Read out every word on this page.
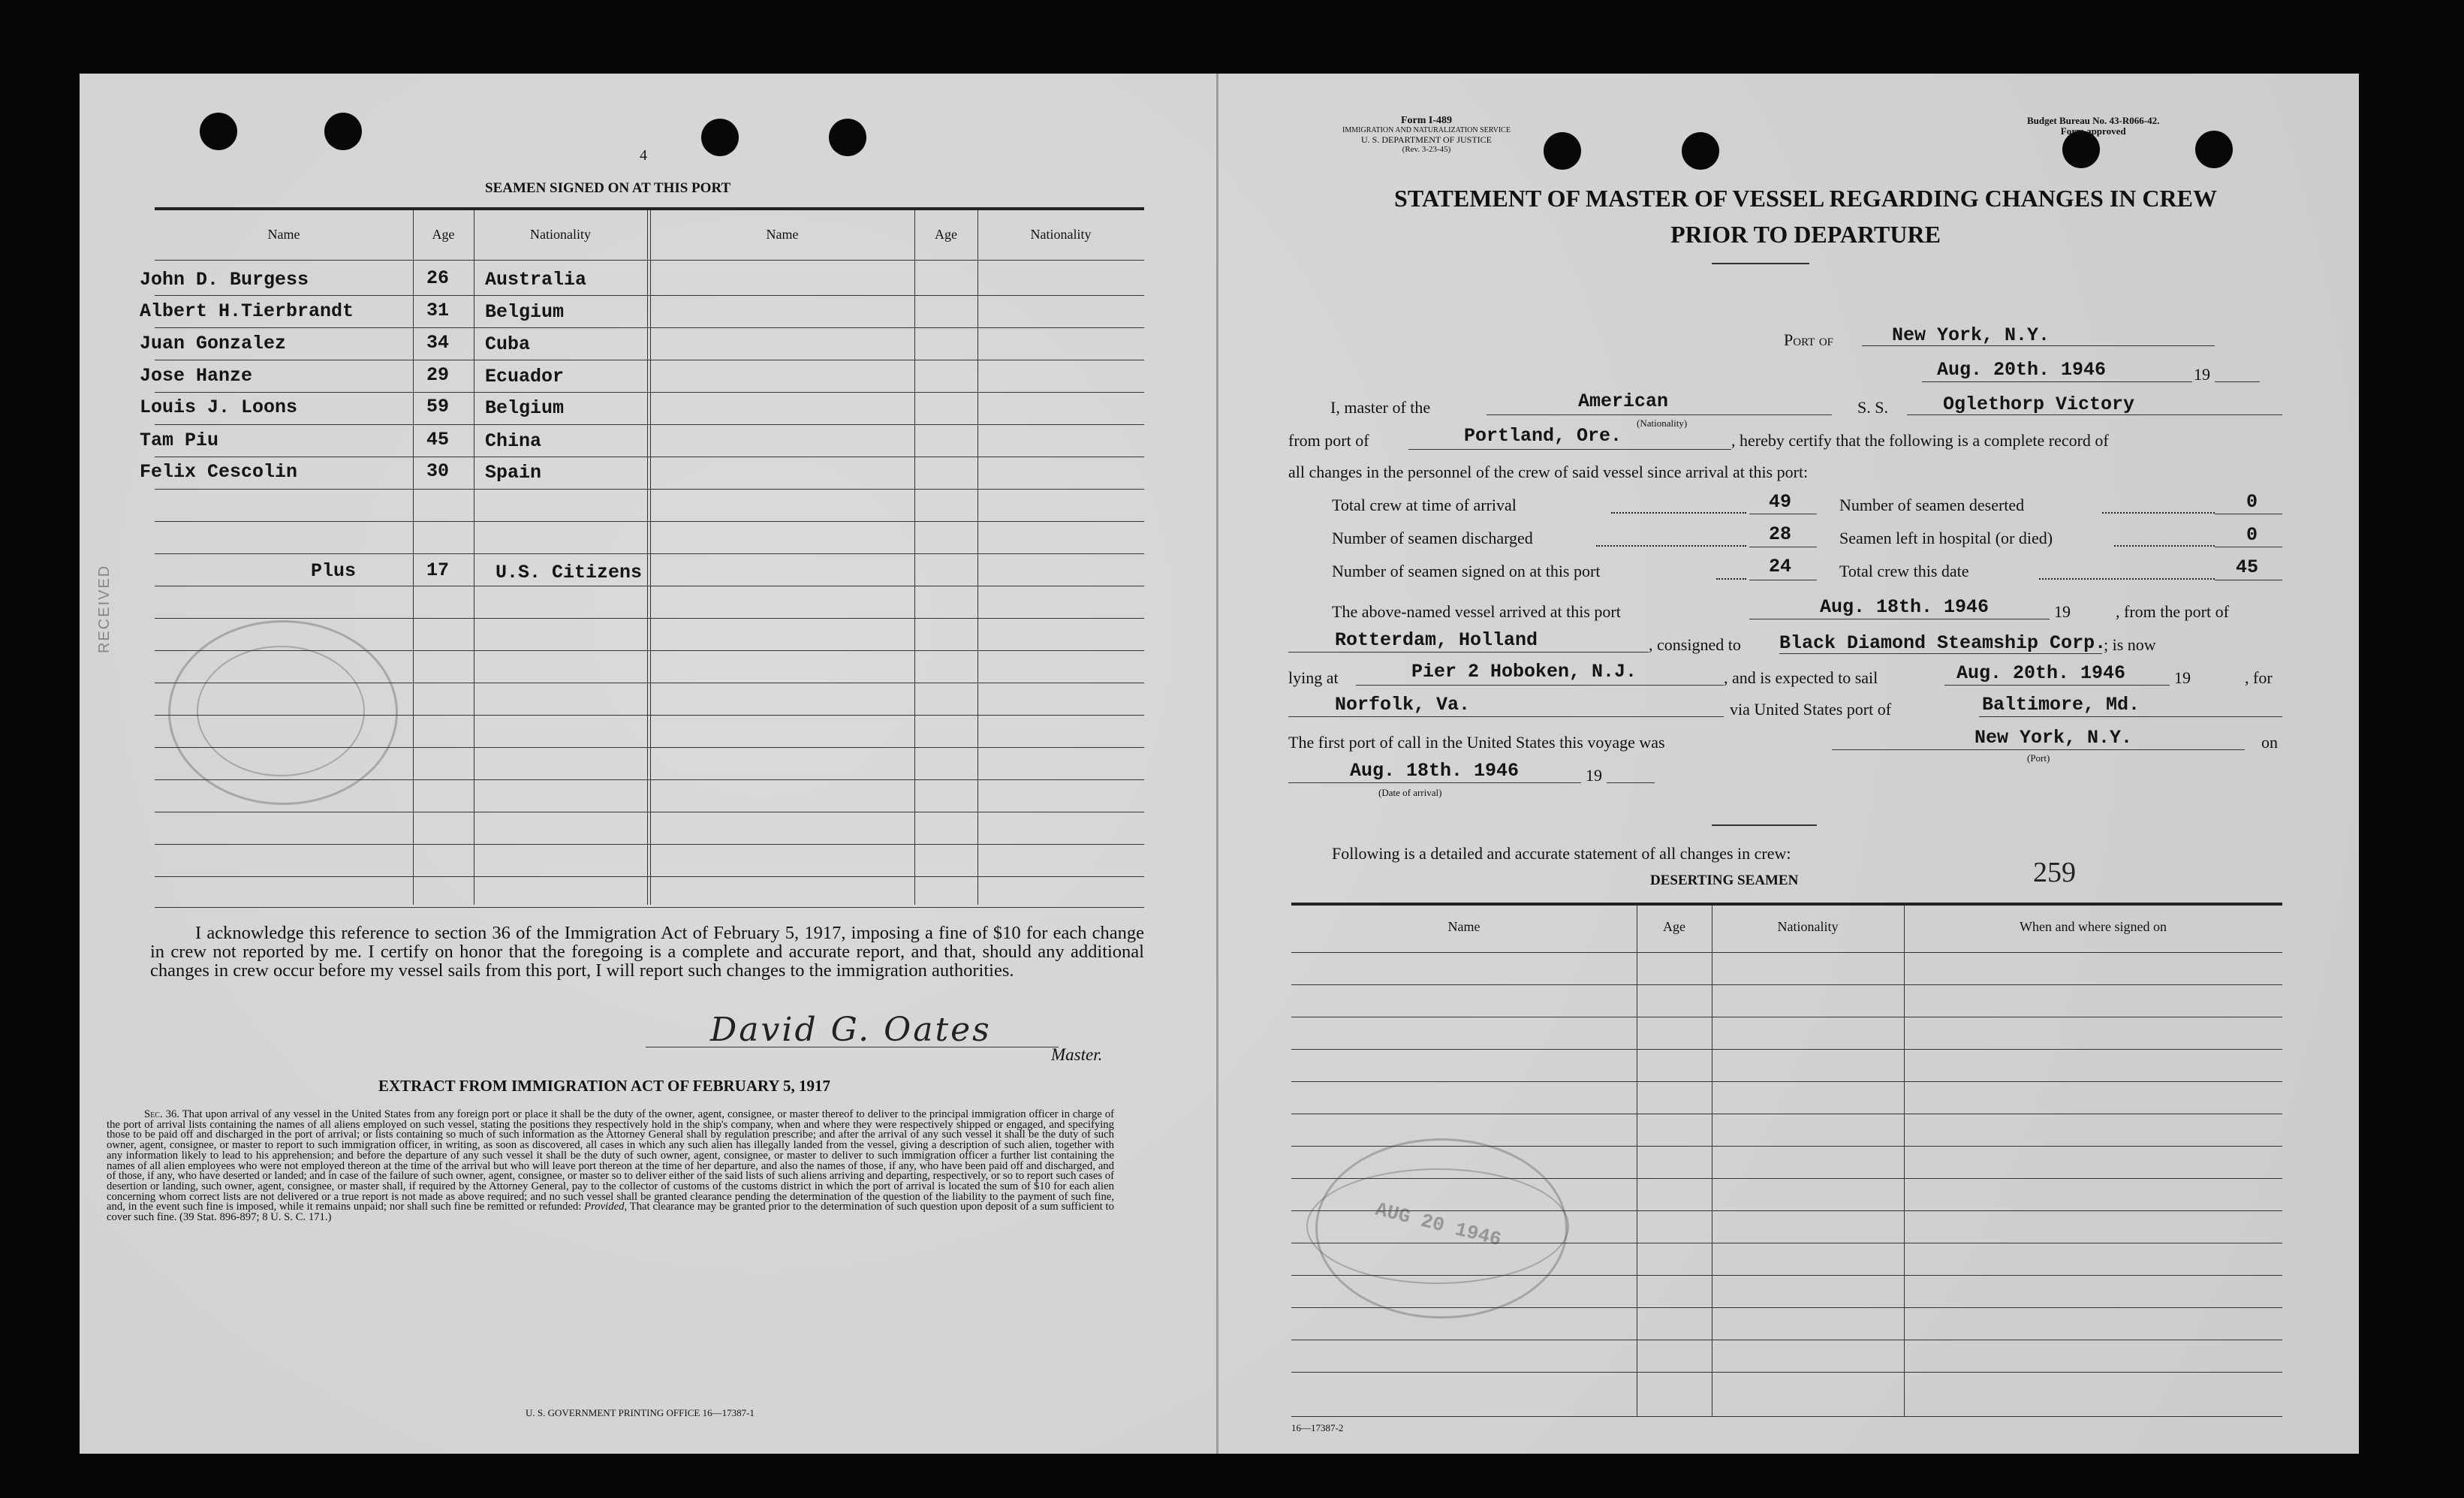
4
SEAMEN SIGNED ON AT THIS PORT
Name	Age	Nationality	Name	Age	Nationality
John D. Burgess	26 Australia
Albert H.Tierbrandt	31 Belgium
Juan Gonzalez	34 Cuba
Jose Hanze	29 Ecuador
Louis J. Loons	59 Belgium
Tam Piu	45 China
Felix Cescolin	30 Spain
Plus	17 U.S. Citizens
RECEIVED
I acknowledge this reference to section 36 of the Immigration Act of February 5, 1917, imposing a fine of $10 for each change in crew not reported by me. I certify on honor that the foregoing is a complete and accurate report, and that, should any additional changes in crew occur before my vessel sails from this port, I will report such changes to the immigration authorities.
David G. Oates
Master.
EXTRACT FROM IMMIGRATION ACT OF FEBRUARY 5, 1917
Sec. 36. That upon arrival of any vessel in the United States from any foreign port or place it shall be the duty of the owner, agent, consignee, or master thereof to deliver to the principal immigration officer in charge of the port of arrival lists containing the names of all aliens employed on such vessel, stating the positions they respectively hold in the ship's company, when and where they were respectively shipped or engaged, and specifying those to be paid off and discharged in the port of arrival; or lists containing so much of such information as the Attorney General shall by regulation prescribe; and after the arrival of any such vessel it shall be the duty of such owner, agent, consignee, or master to report to such immigration officer, in writing, as soon as discovered, all cases in which any such alien has illegally landed from the vessel, giving a description of such alien, together with any information likely to lead to his apprehension; and before the departure of any such vessel it shall be the duty of such owner, agent, consignee, or master to deliver to such immigration officer a further list containing the names of all alien employees who were not employed thereon at the time of the arrival but who will leave port thereon at the time of her departure, and also the names of those, if any, who have been paid off and discharged, and of those, if any, who have deserted or landed; and in case of the failure of such owner, agent, consignee, or master so to deliver either of the said lists of such aliens arriving and departing, respectively, or so to report such cases of desertion or landing, such owner, agent, consignee, or master shall, if required by the Attorney General, pay to the collector of customs of the customs district in which the port of arrival is located the sum of $10 for each alien concerning whom correct lists are not delivered or a true report is not made as above required; and no such vessel shall be granted clearance pending the determination of the question of the liability to the payment of such fine, and, in the event such fine is imposed, while it remains unpaid; nor shall such fine be remitted or refunded: Provided, That clearance may be granted prior to the determination of such question upon deposit of a sum sufficient to cover such fine. (39 Stat. 896-897; 8 U. S. C. 171.)
U. S. GOVERNMENT PRINTING OFFICE 16—17387-1
Form I-489
IMMIGRATION AND NATURALIZATION SERVICE
U. S. DEPARTMENT OF JUSTICE
(Rev. 3-23-45)
Budget Bureau No. 43-R066-42.
Form approved
STATEMENT OF MASTER OF VESSEL REGARDING CHANGES IN CREW
PRIOR TO DEPARTURE
Port of	New York, N.Y.
Aug. 20th. 1946	19
I, master of the	American
(Nationality)
S. S.	Oglethorp Victory
from port of	Portland, Ore.	, hereby certify that the following is a complete record of
all changes in the personnel of the crew of said vessel since arrival at this port:
Total crew at time of arrival	49	Number of seamen deserted	0
Number of seamen discharged	28	Seamen left in hospital (or died)	0
Number of seamen signed on at this port	24	Total crew this date	45
The above-named vessel arrived at this port	Aug. 18th. 1946	19	, from the port of
Rotterdam, Holland	, consigned to Black Diamond Steamship Corp.
; is now
lying at	Pier 2 Hoboken, N.J.	, and is expected to sail	Aug. 20th. 1946	19	, for
Norfolk, Va.	via United States port of	Baltimore, Md.
The first port of call in the United States this voyage was	New York, N.Y.
(Port)
on
Aug. 18th. 1946	19
(Date of arrival)
Following is a detailed and accurate statement of all changes in crew:
DESERTING SEAMEN	259
Name	Age	Nationality	When and where signed on
AUG 20 1946
16—17387-2
